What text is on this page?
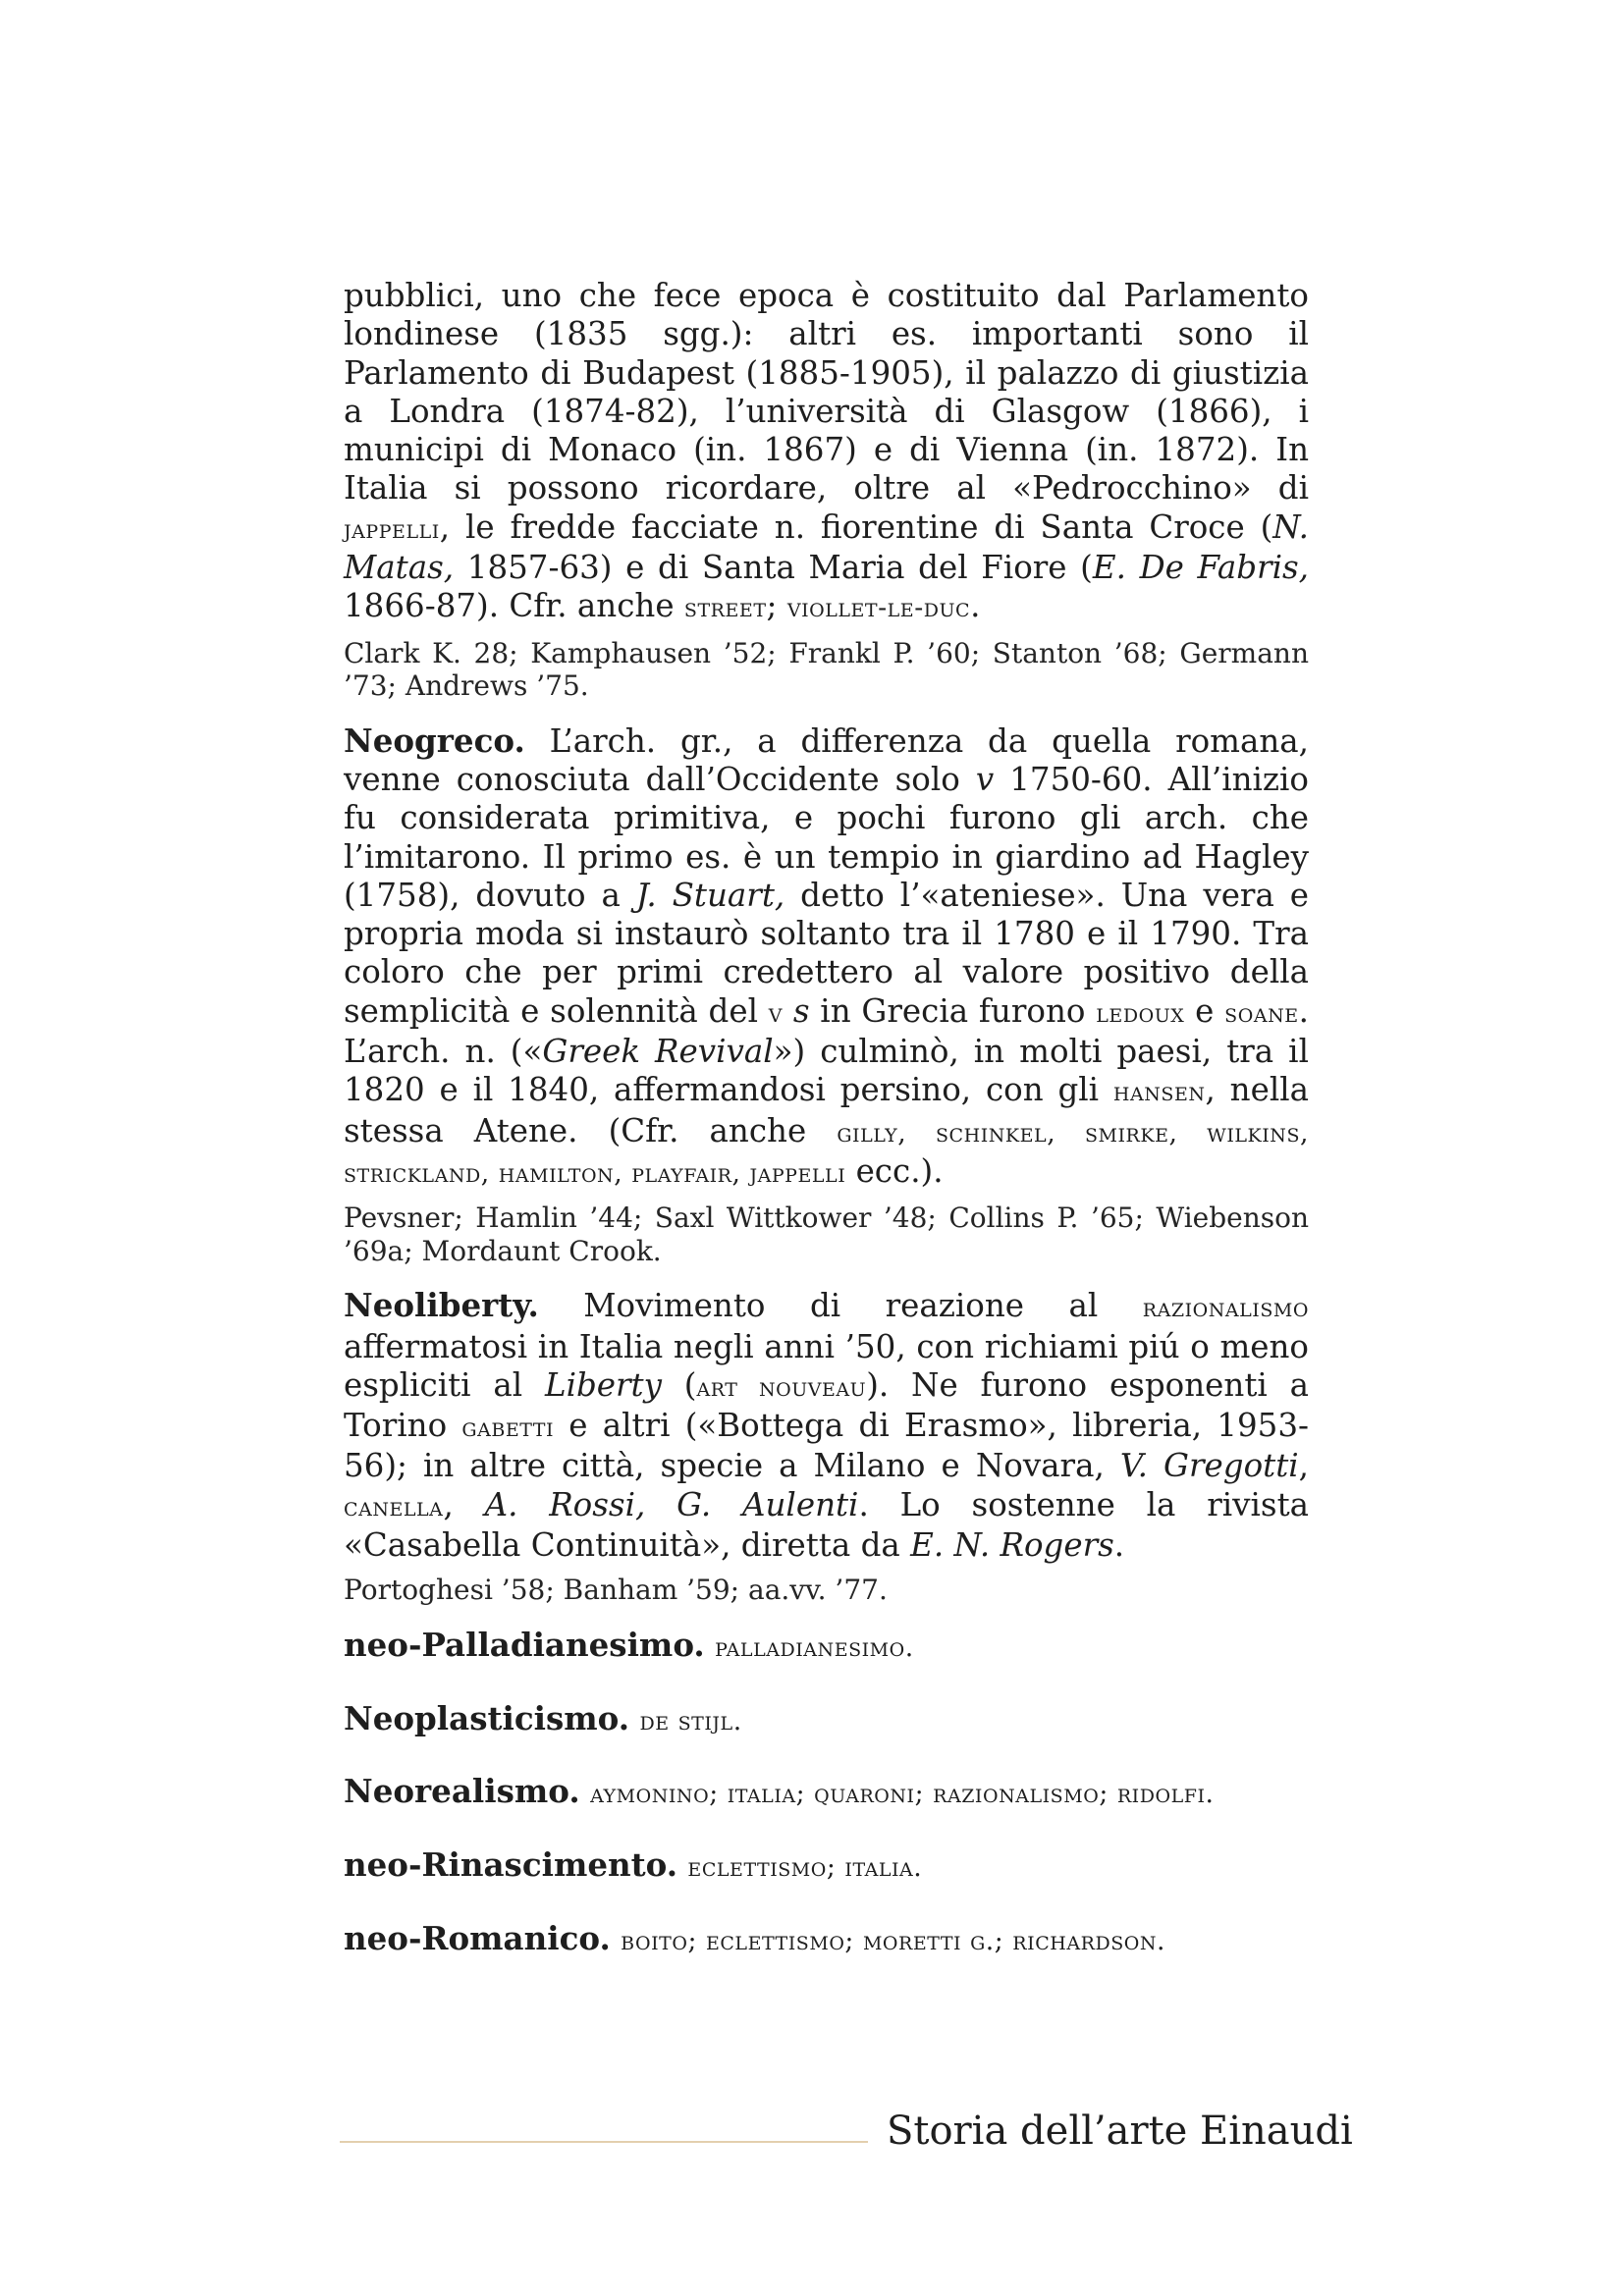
pubblici, uno che fece epoca è costituito dal Parlamento londinese (1835 sgg.): altri es. importanti sono il Parlamento di Budapest (1885-1905), il palazzo di giustizia a Londra (1874-82), l’università di Glasgow (1866), i municipi di Monaco (in. 1867) e di Vienna (in. 1872). In Italia si possono ricordare, oltre al «Pedrocchino» di jappelli, le fredde facciate n. fiorentine di Santa Croce (N. Matas, 1857-63) e di Santa Maria del Fiore (E. De Fabris, 1866-87). Cfr. anche street; viollet-le-duc.

Clark K. 28; Kamphausen ’52; Frankl P. ’60; Stanton ’68; Germann ’73; Andrews ’75.

Neogreco. L’arch. gr., a differenza da quella romana, venne conosciuta dall’Occidente solo v 1750-60. All’inizio fu considerata primitiva, e pochi furono gli arch. che l’imitarono. Il primo es. è un tempio in giardino ad Hagley (1758), dovuto a J. Stuart, detto l’«ateniese». Una vera e propria moda si instaurò soltanto tra il 1780 e il 1790. Tra coloro che per primi credettero al valore positivo della semplicità e solennità del v s in Grecia furono ledoux e soane. L’arch. n. («Greek Revival») culminò, in molti paesi, tra il 1820 e il 1840, affermandosi persino, con gli hansen, nella stessa Atene. (Cfr. anche gilly, schinkel, smirke, wilkins, strickland, hamilton, playfair, jappelli ecc.).

Pevsner; Hamlin ’44; Saxl Wittkower ’48; Collins P. ’65; Wiebenson ’69a; Mordaunt Crook.

Neoliberty. Movimento di reazione al razionalismo affermatosi in Italia negli anni ’50, con richiami piú o meno espliciti al Liberty (art nouveau). Ne furono esponenti a Torino gabetti e altri («Bottega di Erasmo», libreria, 1953-56); in altre città, specie a Milano e Novara, V. Gregotti, canella, A. Rossi, G. Aulenti. Lo sostenne la rivista «Casabella Continuità», diretta da E. N. Rogers.

Portoghesi ’58; Banham ’59; aa.vv. ’77.

neo-Palladianesimo. palladianesimo.

Neoplasticismo. de stijl.

Neorealismo. aymonino; italia; quaroni; razionalismo; ridolfi.

neo-Rinascimento. eclettismo; italia.

neo-Romanico. boito; eclettismo; moretti g.; richardson.

Storia dell’arte Einaudi
